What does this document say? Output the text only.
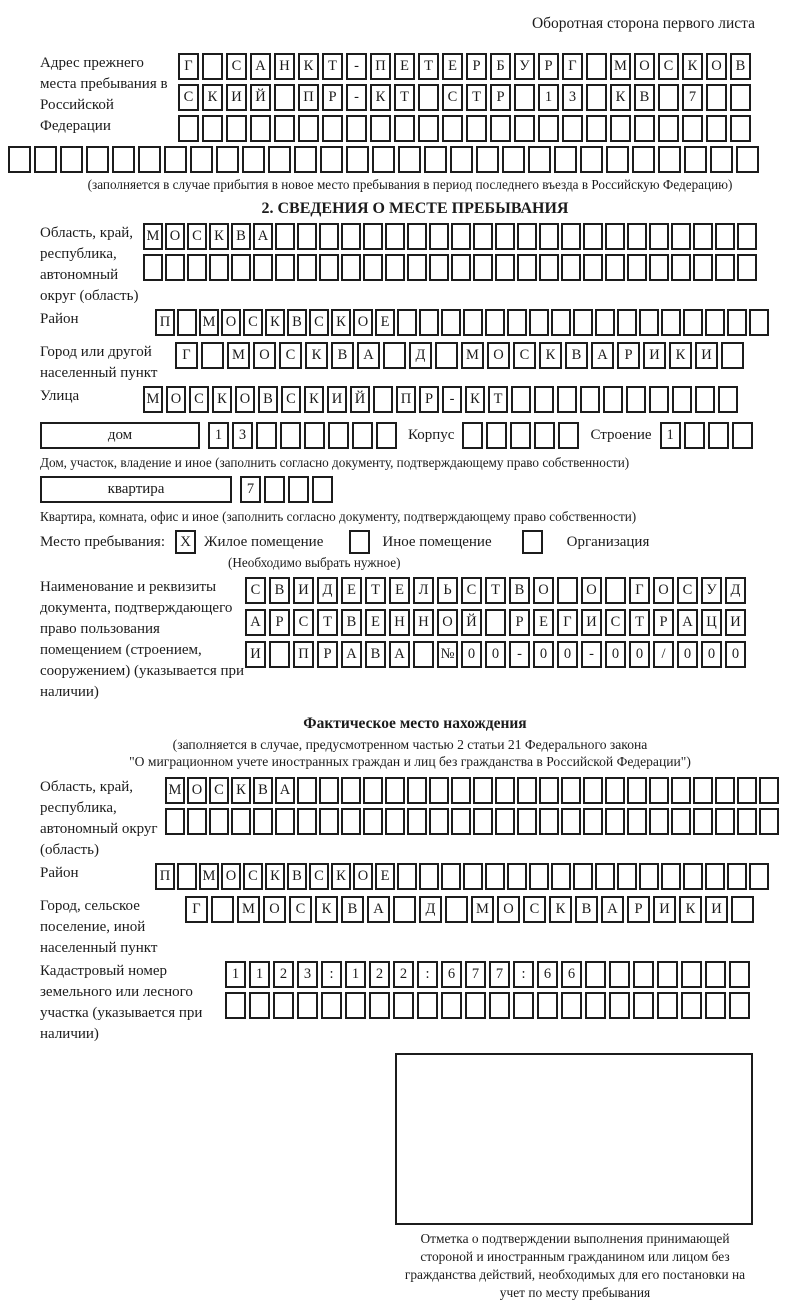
Оборотная сторона первого листа
Адрес прежнего места пребывания в Российской Федерации
Г	С А Н К	Т	-	П Е	Т	Е	Р	Б	У	Р	Г	М О С К О В
С К И Й	П	Р	-	К	Т	С	Т	Р	1	3	К В	7
(заполняется в случае прибытия в новое место пребывания в период последнего въезда в Российскую Федерацию)
2. СВЕДЕНИЯ О МЕСТЕ ПРЕБЫВАНИЯ
Область, край, республика, автономный округ (область)
М О С К В А
Район	П	М О С К В С К О Е
Город или другой населенный пункт
Г	М О	С	К	В	А	Д	М О	С	К	В	А	Р	И	К	И
Улица	М О С К О В С К И Й	П Р	-	К Т
дом	1	3	Корпус	Строение	1
Дом, участок, владение и иное (заполнить согласно документу, подтверждающему право собственности)
квартира	7
Квартира, комната, офис и иное (заполнить согласно документу, подтверждающему право собственности)
Место пребывания:	X Жилое помещение	Иное помещение	Организация
(Необходимо выбрать нужное)
Наименование и реквизиты документа, подтверждающего право пользования помещением (строением, сооружением) (указывается при наличии)
С В И Д	Е	Т	Е	Л	Ь	С	Т	В О	О	Г	О С У Д
А	Р	С	Т	В	Е Н Н О Й	Р	Е	Г	И С	Т	Р	А Ц И
И	П	Р	А В А	№ 0	0	-	0	0	-	0	0	/	0	0	0
Фактическое место нахождения
(заполняется в случае, предусмотренном частью 2 статьи 21 Федерального закона
"О миграционном учете иностранных граждан и лиц без гражданства в Российской Федерации")
Область, край, республика, автономный округ (область)
М О С К В А
Район	П	М О С К В С К О Е
Город, сельское поселение, иной населенный пункт
Г	М О	С	К	В	А	Д	М О	С	К	В	А	Р	И	К	И
Кадастровый номер земельного или лесного участка (указывается при наличии)
1	1	2	3	:	1	2	2	:	6	7	7	:	6	6
Отметка о подтверждении выполнения принимающей стороной и иностранным гражданином или лицом без гражданства действий, необходимых для его постановки на учет по месту пребывания
